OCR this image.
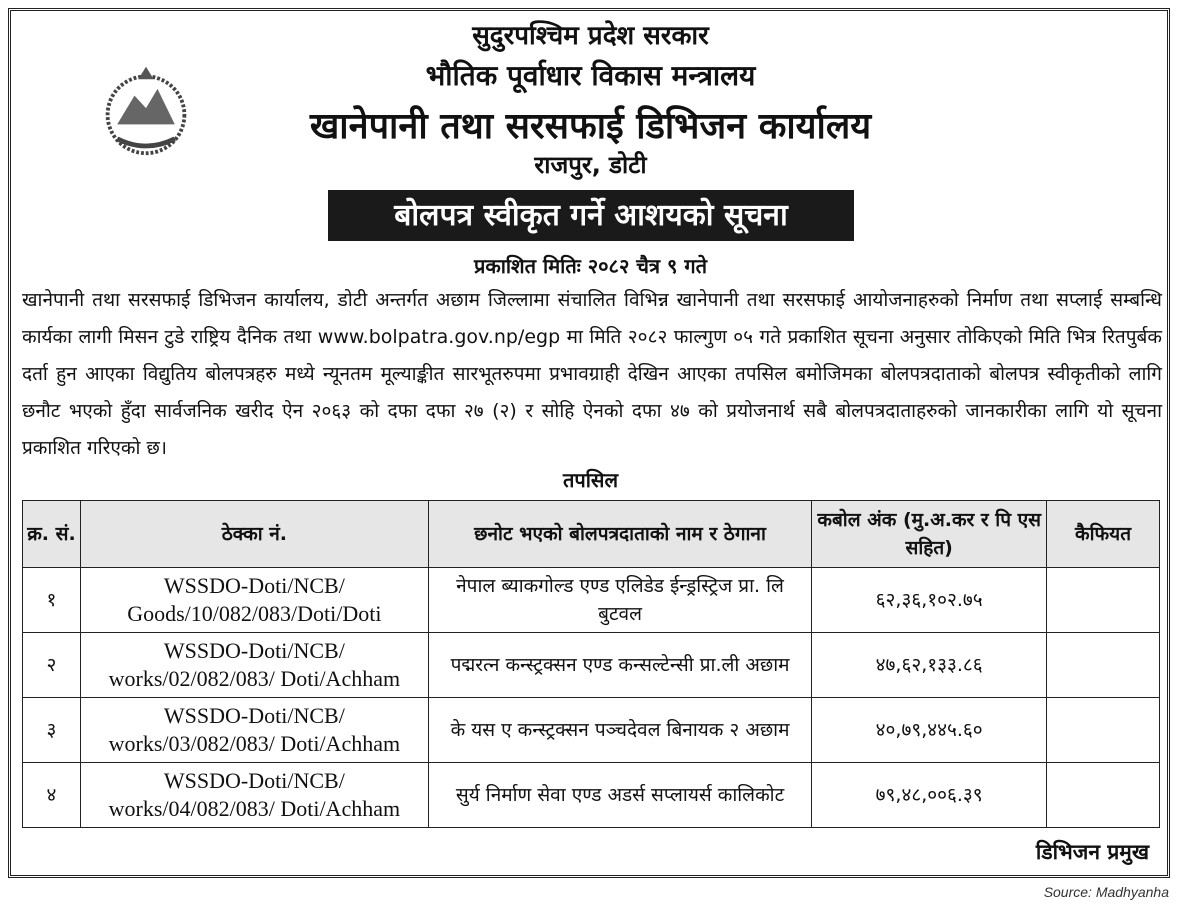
सुदुरपश्चिम प्रदेश सरकार
भौतिक पूर्वाधार विकास मन्त्रालय
खानेपानी तथा सरसफाई डिभिजन कार्यालय
राजपुर, डोटी
बोलपत्र स्वीकृत गर्ने आशयको सूचना
प्रकाशित मितिः २०८२ चैत्र ९ गते
खानेपानी तथा सरसफाई डिभिजन कार्यालय, डोटी अन्तर्गत अछाम जिल्लामा संचालित विभिन्न खानेपानी तथा सरसफाई आयोजनाहरुको निर्माण तथा सप्लाई सम्बन्धि कार्यका लागी मिसन टुडे राष्ट्रिय दैनिक तथा www.bolpatra.gov.np/egp मा मिति २०८२ फाल्गुण ०५ गते प्रकाशित सूचना अनुसार तोकिएको मिति भित्र रितपुर्बक दर्ता हुन आएका विद्युतिय बोलपत्रहरु मध्ये न्यूनतम मूल्याङ्कीत सारभूतरुपमा प्रभावग्राही देखिन आएका तपसिल बमोजिमका बोलपत्रदाताको बोलपत्र स्वीकृतीको लागि छनौट भएको हुँदा सार्वजनिक खरीद ऐन २०६३ को दफा दफा २७ (२) र सोहि ऐनको दफा ४७ को प्रयोजनार्थ सबै बोलपत्रदाताहरुको जानकारीका लागि यो सूचना प्रकाशित गरिएको छ।
तपसिल
क्र. सं.	ठेक्का नं.	छनोट भएको बोलपत्रदाताको नाम र ठेगाना	कबोल अंक (मु.अ.कर र पि एस सहित)	कैफियत
१	WSSDO-Doti/NCB/ Goods/10/082/083/Doti/Doti	नेपाल ब्याकगोल्ड एण्ड एलिडेड ईन्ड्रस्ट्रिज प्रा. लि बुटवल	६२,३६,१०२.७५	
२	WSSDO-Doti/NCB/ works/02/082/083/ Doti/Achham	पद्मरत्न कन्स्ट्रक्सन एण्ड कन्सल्टेन्सी प्रा.ली अछाम	४७,६२,१३३.८६	
३	WSSDO-Doti/NCB/ works/03/082/083/ Doti/Achham	के यस ए कन्स्ट्रक्सन पञ्चदेवल बिनायक २ अछाम	४०,७९,४४५.६०	
४	WSSDO-Doti/NCB/ works/04/082/083/ Doti/Achham	सुर्य निर्माण सेवा एण्ड अडर्स सप्लायर्स कालिकोट	७९,४८,००६.३९	
डिभिजन प्रमुख
Source: Madhyanha
